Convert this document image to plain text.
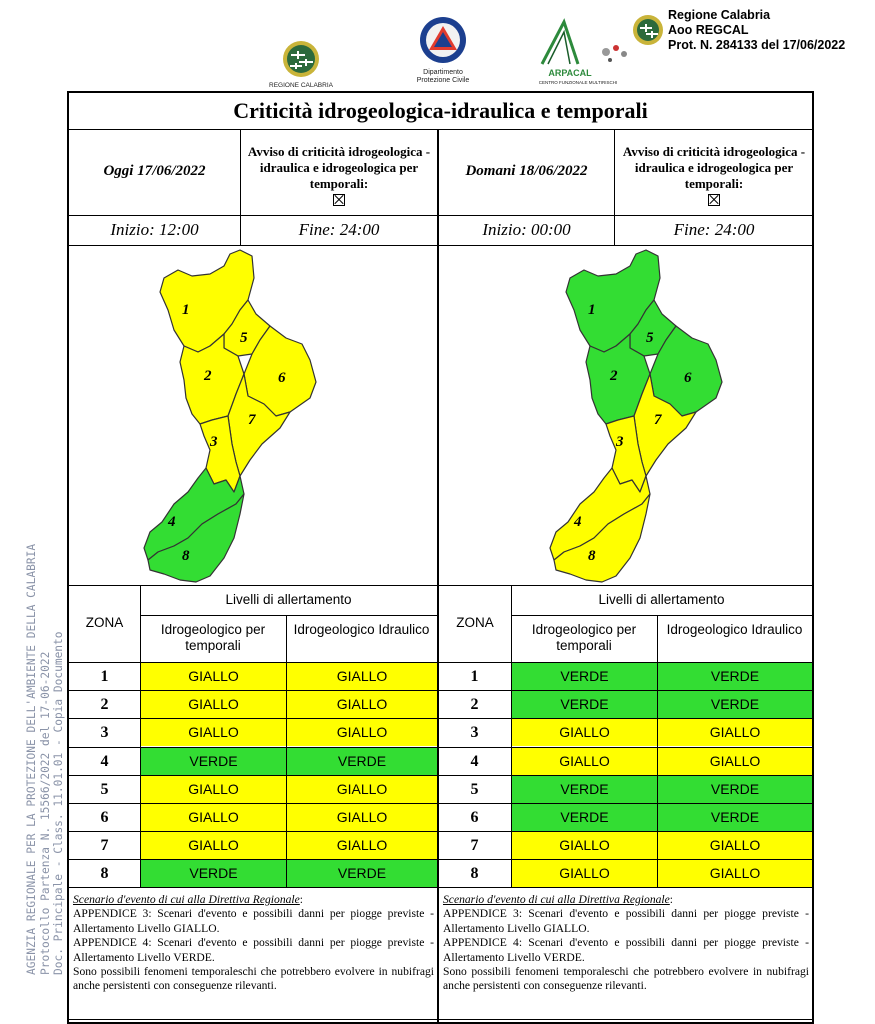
REGIONE CALABRIA
Dipartimento
Protezione Civile
ARPACAL
CENTRO FUNZIONALE MULTIRISCHI
Regione Calabria
Aoo REGCAL
Prot. N. 284133 del 17/06/2022
AGENZIA REGIONALE PER LA PROTEZIONE DELL'AMBIENTE DELLA CALABRIA Protocollo Partenza N. 15566/2022 del 17-06-2022 Doc. Principale - Class. 11.01.01 - Copia Documento
Criticità idrogeologica-idraulica e temporali
Oggi 17/06/2022
Avviso di criticità idrogeologica - idraulica e idrogeologica per temporali:

Domani 18/06/2022
Avviso di criticità idrogeologica - idraulica e idrogeologica per temporali:

Inizio: 12:00	Fine: 24:00	Inizio: 00:00	Fine: 24:00
1
5
2	6
7
3
4
8
1
5
2	6
7
3
4
8
ZONA
Livelli di allertamento
Idrogeologico per temporali
Idrogeologico Idraulico
1	GIALLO	GIALLO
2	GIALLO	GIALLO
3	GIALLO	GIALLO
4	VERDE	VERDE
5	GIALLO	GIALLO
6	GIALLO	GIALLO
7	GIALLO	GIALLO
8	VERDE	VERDE
ZONA
Livelli di allertamento
Idrogeologico per temporali
Idrogeologico Idraulico
1	VERDE	VERDE
2	VERDE	VERDE
3	GIALLO	GIALLO
4	GIALLO	GIALLO
5	VERDE	VERDE
6	VERDE	VERDE
7	GIALLO	GIALLO
8	GIALLO	GIALLO
Scenario d'evento di cui alla Direttiva Regionale:
APPENDICE 3: Scenari d'evento e possibili danni per piogge previste - Allertamento Livello GIALLO.
APPENDICE 4: Scenari d'evento e possibili danni per piogge previste - Allertamento Livello VERDE.
Sono possibili fenomeni temporaleschi che potrebbero evolvere in nubifragi anche persistenti con conseguenze rilevanti.
Scenario d'evento di cui alla Direttiva Regionale:
APPENDICE 3: Scenari d'evento e possibili danni per piogge previste - Allertamento Livello GIALLO.
APPENDICE 4: Scenari d'evento e possibili danni per piogge previste - Allertamento Livello VERDE.
Sono possibili fenomeni temporaleschi che potrebbero evolvere in nubifragi anche persistenti con conseguenze rilevanti.
